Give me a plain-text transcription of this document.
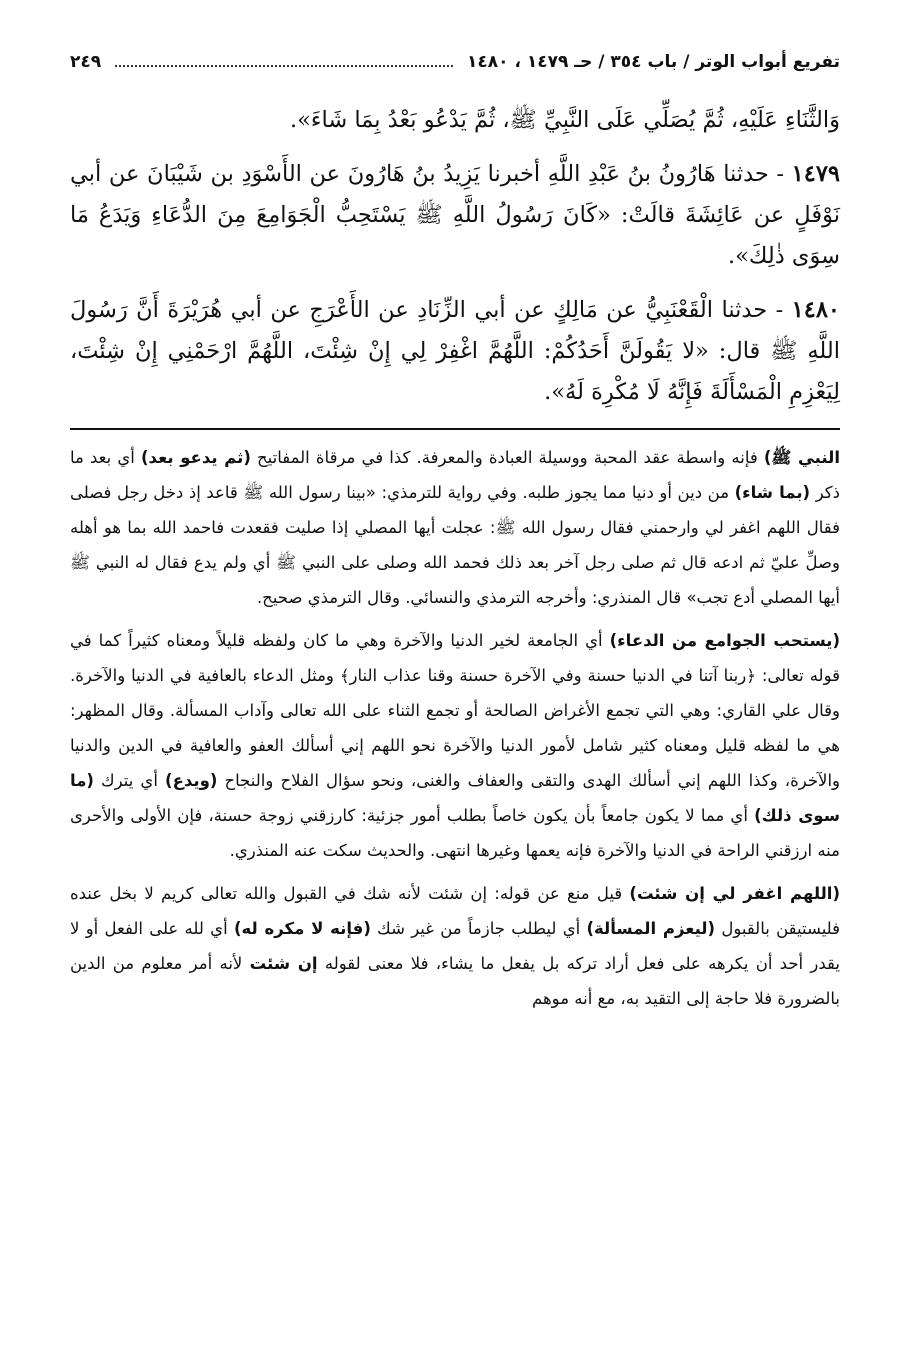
تفريع أبواب الوتر / باب ٣٥٤ / حـ ١٤٧٩ ، ١٤٨٠
٢٤٩

وَالثَّنَاءِ عَلَيْهِ، ثُمَّ يُصَلِّي عَلَى النَّبِيِّ ﷺ، ثُمَّ يَدْعُو بَعْدُ بِمَا شَاءَ».

١٤٧٩ - حدثنا هَارُونُ بنُ عَبْدِ اللَّهِ أخبرنا يَزِيدُ بنُ هَارُونَ عن الأَسْوَدِ بن شَيْبَانَ عن أبي نَوْفَلٍ عن عَائِشَةَ قالَتْ: «كَانَ رَسُولُ اللَّهِ ﷺ يَسْتَحِبُّ الْجَوَامِعَ مِنَ الدُّعَاءِ وَيَدَعُ مَا سِوَى ذٰلِكَ».

١٤٨٠ - حدثنا الْقَعْنَبِيُّ عن مَالِكٍ عن أبي الزِّنَادِ عن الأَعْرَجِ عن أبي هُرَيْرَةَ أَنَّ رَسُولَ اللَّهِ ﷺ قال: «لا يَقُولَنَّ أَحَدُكُمْ: اللَّهُمَّ اغْفِرْ لِي إِنْ شِئْتَ، اللَّهُمَّ ارْحَمْنِي إِنْ شِئْتَ، لِيَعْزِمِ الْمَسْأَلَةَ فَإِنَّهُ لَا مُكْرِهَ لَهُ».

النبي ﷺ) فإنه واسطة عقد المحبة ووسيلة العبادة والمعرفة. كذا في مرقاة المفاتيح (ثم يدعو بعد) أي بعد ما ذكر (بما شاء) من دين أو دنيا مما يجوز طلبه. وفي رواية للترمذي: «بينا رسول الله ﷺ قاعد إذ دخل رجل فصلى فقال اللهم اغفر لي وارحمني فقال رسول الله ﷺ: عجلت أيها المصلي إذا صليت فقعدت فاحمد الله بما هو أهله وصلِّ عليّ ثم ادعه قال ثم صلى رجل آخر بعد ذلك فحمد الله وصلى على النبي ﷺ أي ولم يدع فقال له النبي ﷺ أيها المصلي أدع تجب» قال المنذري: وأخرجه الترمذي والنسائي. وقال الترمذي صحيح.

(يستحب الجوامع من الدعاء) أي الجامعة لخير الدنيا والآخرة وهي ما كان ولفظه قليلاً ومعناه كثيراً كما في قوله تعالى: ﴿ربنا آتنا في الدنيا حسنة وفي الآخرة حسنة وقنا عذاب النار﴾ ومثل الدعاء بالعافية في الدنيا والآخرة. وقال علي القاري: وهي التي تجمع الأغراض الصالحة أو تجمع الثناء على الله تعالى وآداب المسألة. وقال المظهر: هي ما لفظه قليل ومعناه كثير شامل لأمور الدنيا والآخرة نحو اللهم إني أسألك العفو والعافية في الدين والدنيا والآخرة، وكذا اللهم إني أسألك الهدى والتقى والعفاف والغنى، ونحو سؤال الفلاح والنجاح (ويدع) أي يترك (ما سوى ذلك) أي مما لا يكون جامعاً بأن يكون خاصاً بطلب أمور جزئية: كارزقني زوجة حسنة، فإن الأولى والأحرى منه ارزقني الراحة في الدنيا والآخرة فإنه يعمها وغيرها انتهى. والحديث سكت عنه المنذري.

(اللهم اغفر لي إن شئت) قيل منع عن قوله: إن شئت لأنه شك في القبول والله تعالى كريم لا بخل عنده فليستيقن بالقبول (ليعزم المسألة) أي ليطلب جازماً من غير شك (فإنه لا مكره له) أي لله على الفعل أو لا يقدر أحد أن يكرهه على فعل أراد تركه بل يفعل ما يشاء، فلا معنى لقوله إن شئت لأنه أمر معلوم من الدين بالضرورة فلا حاجة إلى التقيد به، مع أنه موهم
